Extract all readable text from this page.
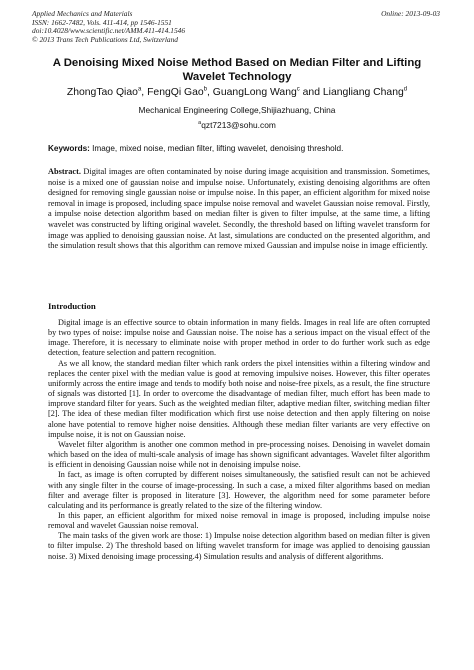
Applied Mechanics and Materials
ISSN: 1662-7482, Vols. 411-414, pp 1546-1551
doi:10.4028/www.scientific.net/AMM.411-414.1546
© 2013 Trans Tech Publications Ltd, Switzerland
Online: 2013-09-03
A Denoising Mixed Noise Method Based on Median Filter and Lifting Wavelet Technology
ZhongTao Qiao$^a$, FengQi Gao$^b$, GuangLong Wang$^c$ and Liangliang Chang$^d$
Mechanical Engineering College,Shijiazhuang, China
$^a$qzt7213@sohu.com
Keywords: Image, mixed noise, median filter, lifting wavelet, denoising threshold.

Abstract. Digital images are often contaminated by noise during image acquisition and transmission. Sometimes, noise is a mixed one of gaussian noise and impulse noise. Unfortunately, existing denoising algorithms are often designed for removing single gaussian noise or impulse noise. In this paper, an efficient algorithm for mixed noise removal in image is proposed, including space impulse noise removal and wavelet Gaussian noise removal. Firstly, a impulse noise detection algorithm based on median filter is given to filter impulse, at the same time, a lifting wavelet was constructed by lifting original wavelet. Secondly, the threshold based on lifting wavelet transform for image was applied to denoising gaussian noise. At last, simulations are conducted on the presented algorithm, and the simulation result shows that this algorithm can remove mixed Gaussian and impulse noise in image efficiently.

Introduction

Digital image is an effective source to obtain information in many fields. Images in real life are often corrupted by two types of noise: impulse noise and Gaussian noise. The noise has a serious impact on the visual effect of the image. Therefore, it is necessary to eliminate noise with proper method in order to do further work such as edge detection, feature selection and pattern recognition.

As we all know, the standard median filter which rank orders the pixel intensities within a filtering window and replaces the center pixel with the median value is good at removing impulsive noises. However, this filter operates uniformly across the entire image and tends to modify both noise and noise-free pixels, as a result, the fine structure of signals was distorted [1]. In order to overcome the disadvantage of median filter, much effort has been made to improve standard filter for years. Such as the weighted median filter, adaptive median filter, switching median filter [2]. The idea of these median filter modification which first use noise detection and then apply filtering on noise alone have potential to remove higher noise densities. Although these median filter variants are very effective on impulse noise, it is not on Gaussian noise.

Wavelet filter algorithm is another one common method in pre-processing noises. Denoising in wavelet domain which based on the idea of multi-scale analysis of image has shown significant advantages. Wavelet filter algorithm is efficient in denoising Gaussian noise while not in denoising impulse noise.

In fact, as image is often corrupted by different noises simultaneously, the satisfied result can not be achieved with any single filter in the course of image-processing. In such a case, a mixed filter algorithms based on median filter and average filter is proposed in literature [3]. However, the algorithm need for some parameter before calculating and its performance is greatly related to the size of the filtering window.

In this paper, an efficient algorithm for mixed noise removal in image is proposed, including impulse noise removal and wavelet Gaussian noise removal.

The main tasks of the given work are those: 1) Impulse noise detection algorithm based on median filter is given to filter impulse. 2) The threshold based on lifting wavelet transform for image was applied to denoising gaussian noise. 3) Mixed denoising image processing.4) Simulation results and analysis of different algorithms.
